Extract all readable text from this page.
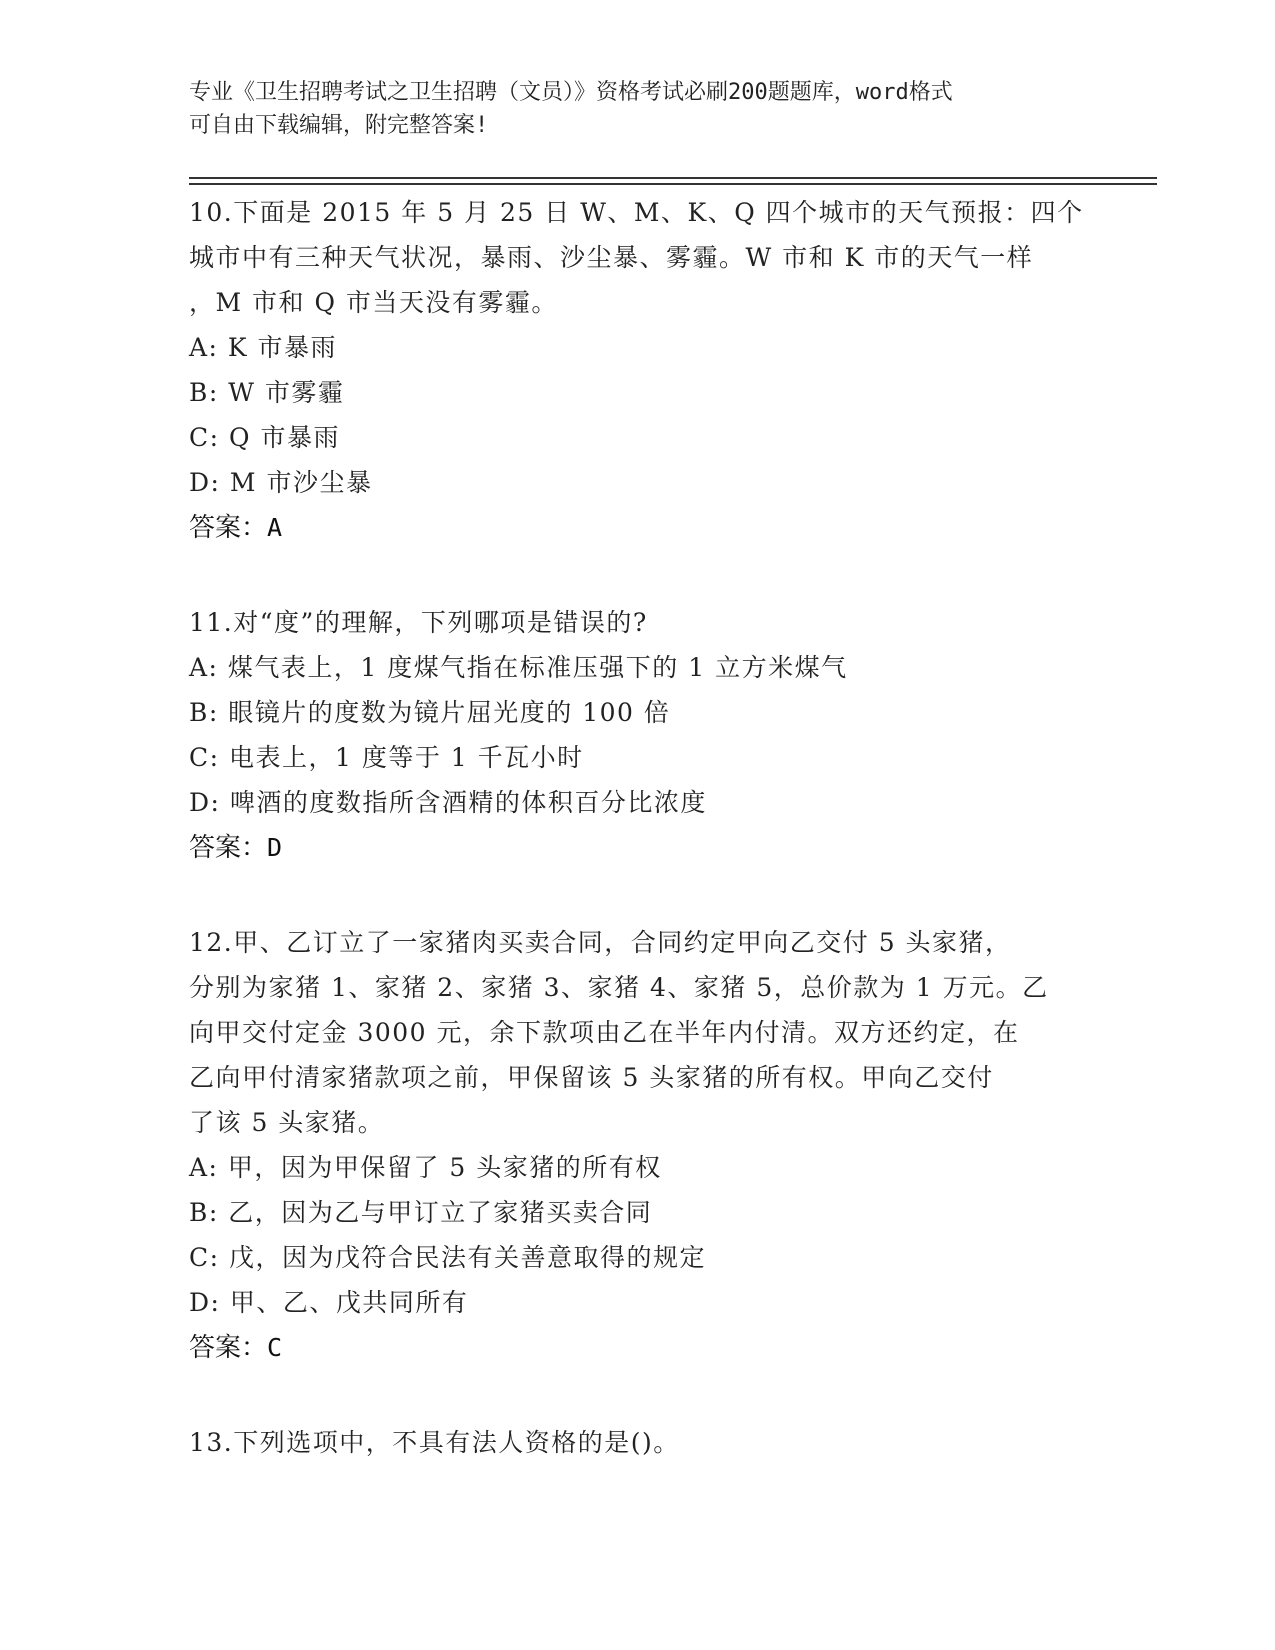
专业《卫生招聘考试之卫生招聘（文员）》资格考试必刷200题题库，word格式
可自由下载编辑，附完整答案!
10.下面是 2015 年 5 月 25 日 W、M、K、Q 四个城市的天气预报：四个
城市中有三种天气状况，暴雨、沙尘暴、雾霾。W 市和 K 市的天气一样
，M 市和 Q 市当天没有雾霾。
A: K 市暴雨
B: W 市雾霾
C: Q 市暴雨
D: M 市沙尘暴
答案：A
11.对“度”的理解，下列哪项是错误的?
A: 煤气表上，1 度煤气指在标准压强下的 1 立方米煤气
B: 眼镜片的度数为镜片屈光度的 100 倍
C: 电表上，1 度等于 1 千瓦小时
D: 啤酒的度数指所含酒精的体积百分比浓度
答案：D
12.甲、乙订立了一家猪肉买卖合同，合同约定甲向乙交付 5 头家猪，
分别为家猪 1、家猪 2、家猪 3、家猪 4、家猪 5，总价款为 1 万元。乙
向甲交付定金 3000 元，余下款项由乙在半年内付清。双方还约定，在
乙向甲付清家猪款项之前，甲保留该 5 头家猪的所有权。甲向乙交付
了该 5 头家猪。
A: 甲，因为甲保留了 5 头家猪的所有权
B: 乙，因为乙与甲订立了家猪买卖合同
C: 戊，因为戊符合民法有关善意取得的规定
D: 甲、乙、戊共同所有
答案：C
13.下列选项中，不具有法人资格的是()。
